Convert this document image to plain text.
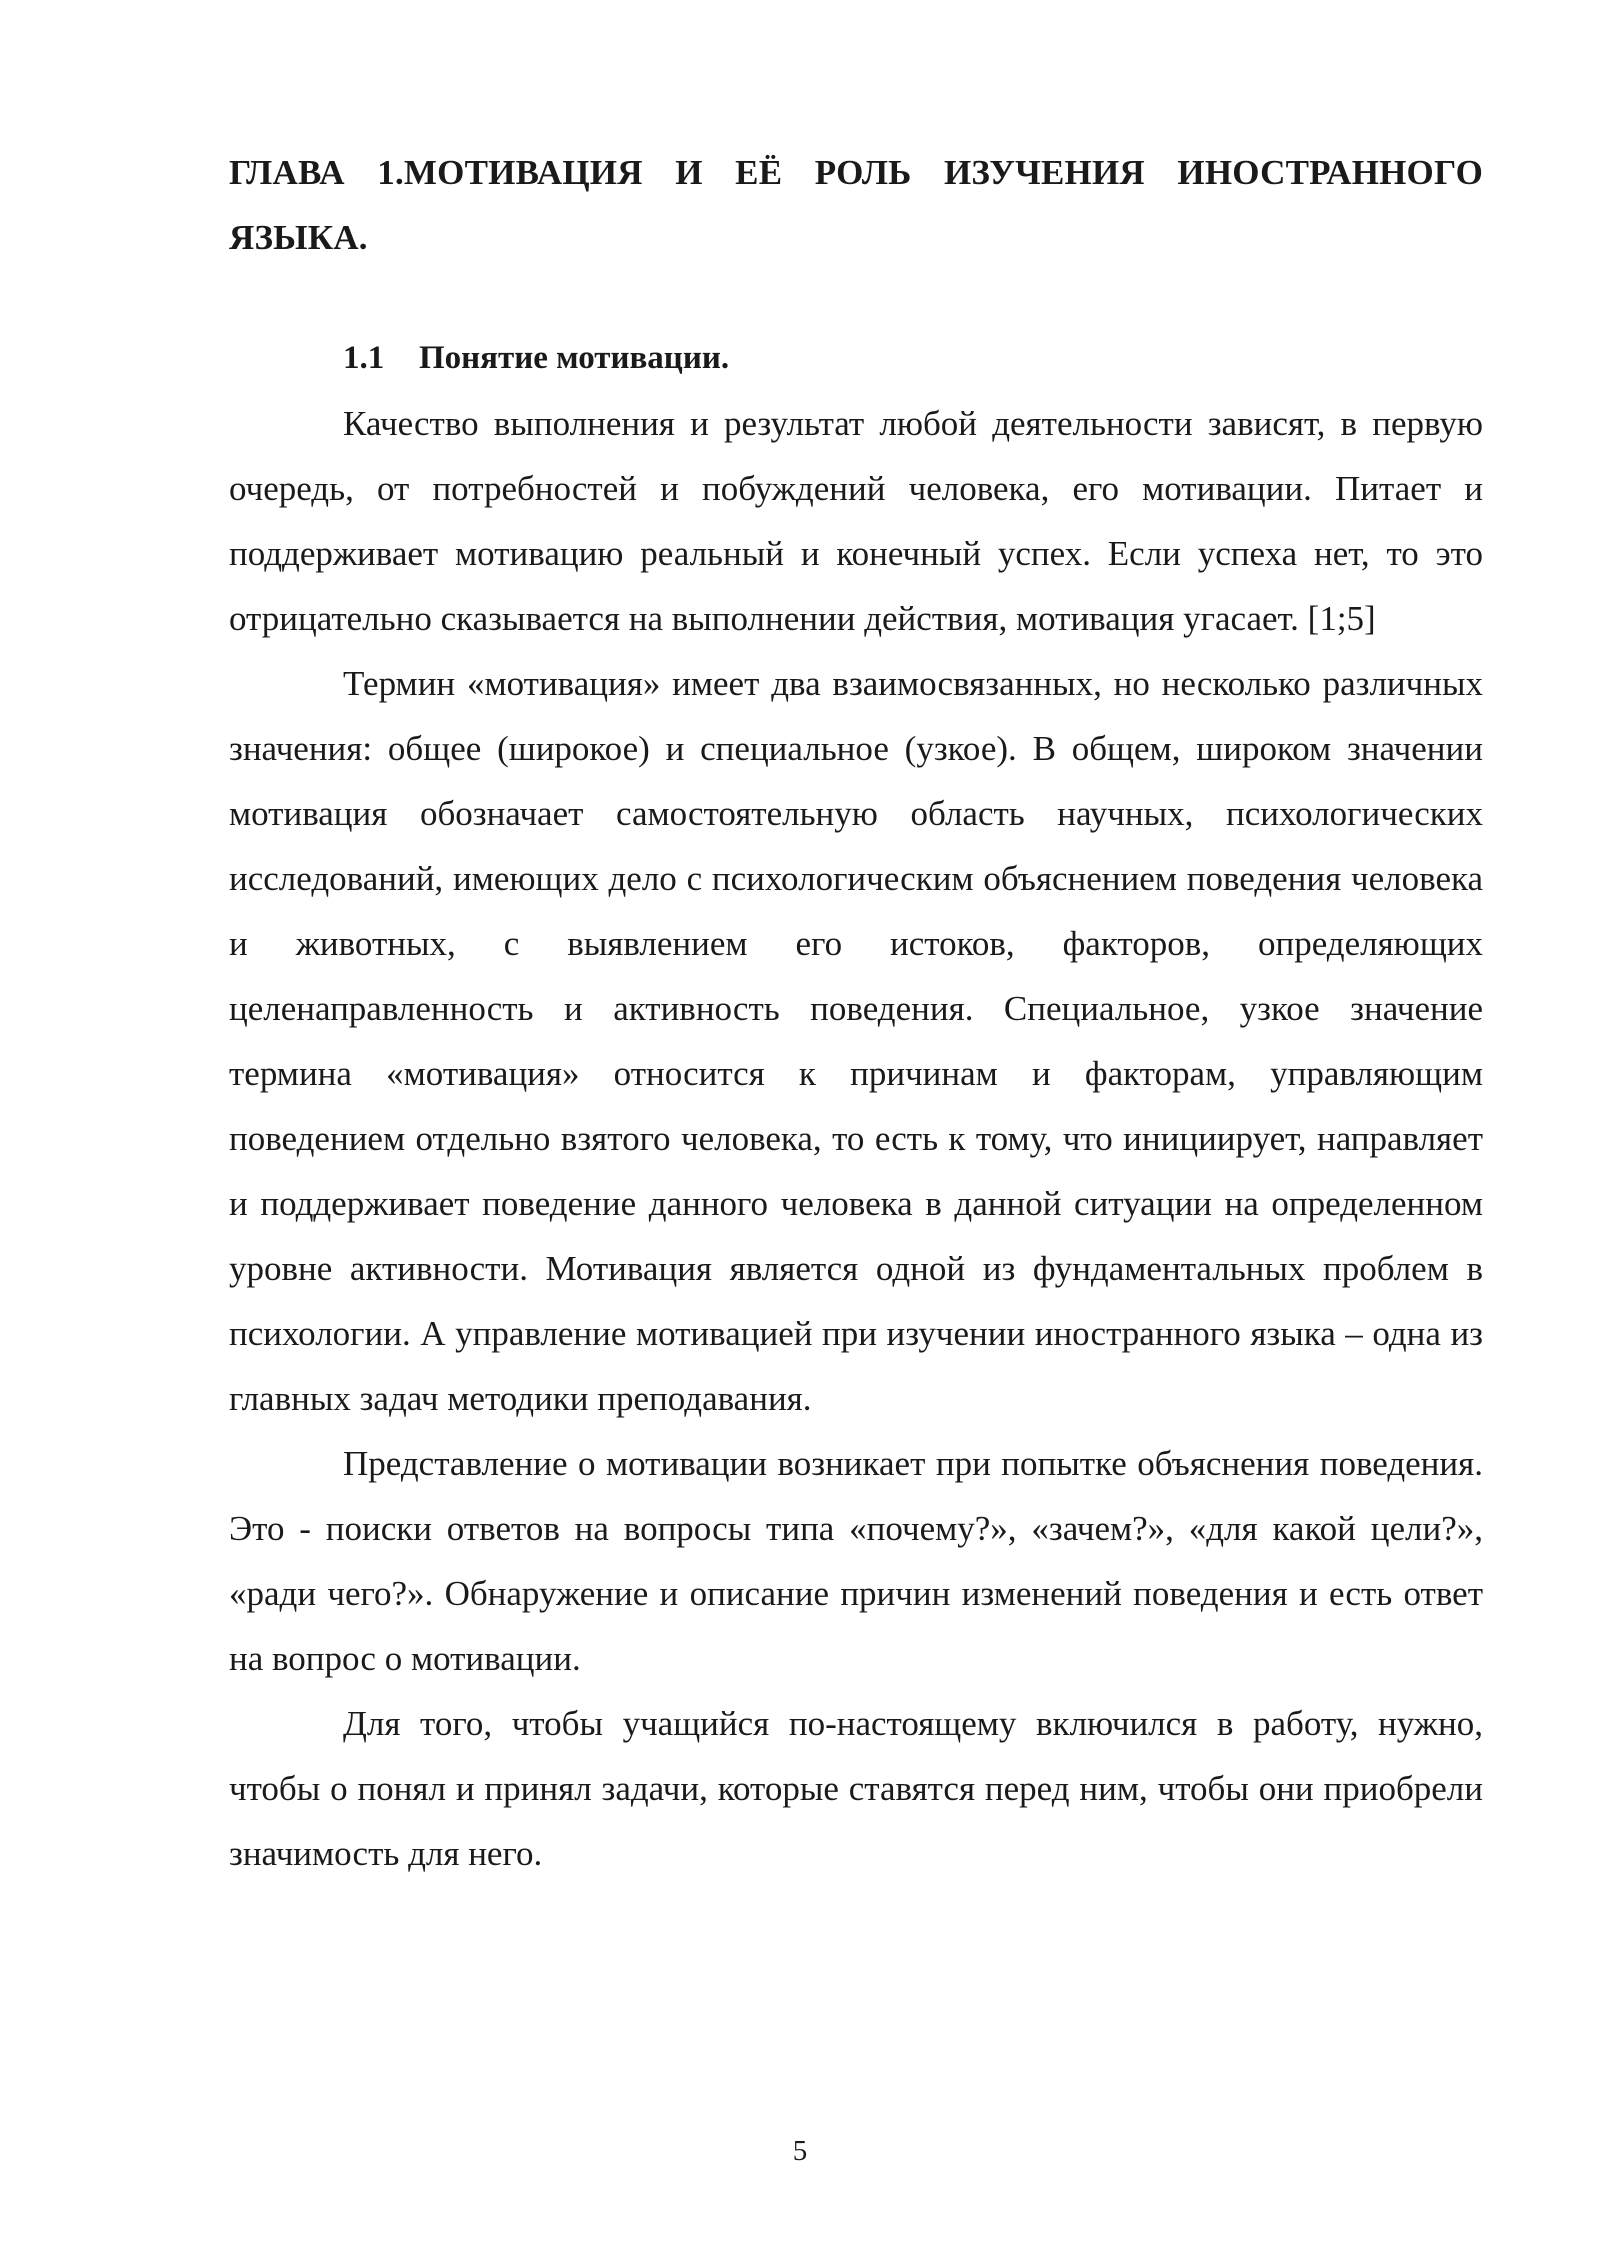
ГЛАВА 1.МОТИВАЦИЯ И ЕЁ РОЛЬ ИЗУЧЕНИЯ ИНОСТРАННОГО ЯЗЫКА.
1.1 Понятие мотивации.

Качество выполнения и результат любой деятельности зависят, в первую очередь, от потребностей и побуждений человека, его мотивации. Питает и поддерживает мотивацию реальный и конечный успех. Если успеха нет, то это отрицательно сказывается на выполнении действия, мотивация угасает. [1;5]

Термин «мотивация» имеет два взаимосвязанных, но несколько различных значения: общее (широкое) и специальное (узкое). В общем, широком значении мотивация обозначает самостоятельную область научных, психологических исследований, имеющих дело с психологическим объяснением поведения человека и животных, с выявлением его истоков, факторов, определяющих целенаправленность и активность поведения. Специальное, узкое значение термина «мотивация» относится к причинам и факторам, управляющим поведением отдельно взятого человека, то есть к тому, что инициирует, направляет и поддерживает поведение данного человека в данной ситуации на определенном уровне активности. Мотивация является одной из фундаментальных проблем в психологии. А управление мотивацией при изучении иностранного языка – одна из главных задач методики преподавания.

Представление о мотивации возникает при попытке объяснения поведения. Это - поиски ответов на вопросы типа «почему?», «зачем?», «для какой цели?», «ради чего?». Обнаружение и описание причин изменений поведения и есть ответ на вопрос о мотивации.

Для того, чтобы учащийся по-настоящему включился в работу, нужно, чтобы о понял и принял задачи, которые ставятся перед ним, чтобы они приобрели значимость для него.

5
